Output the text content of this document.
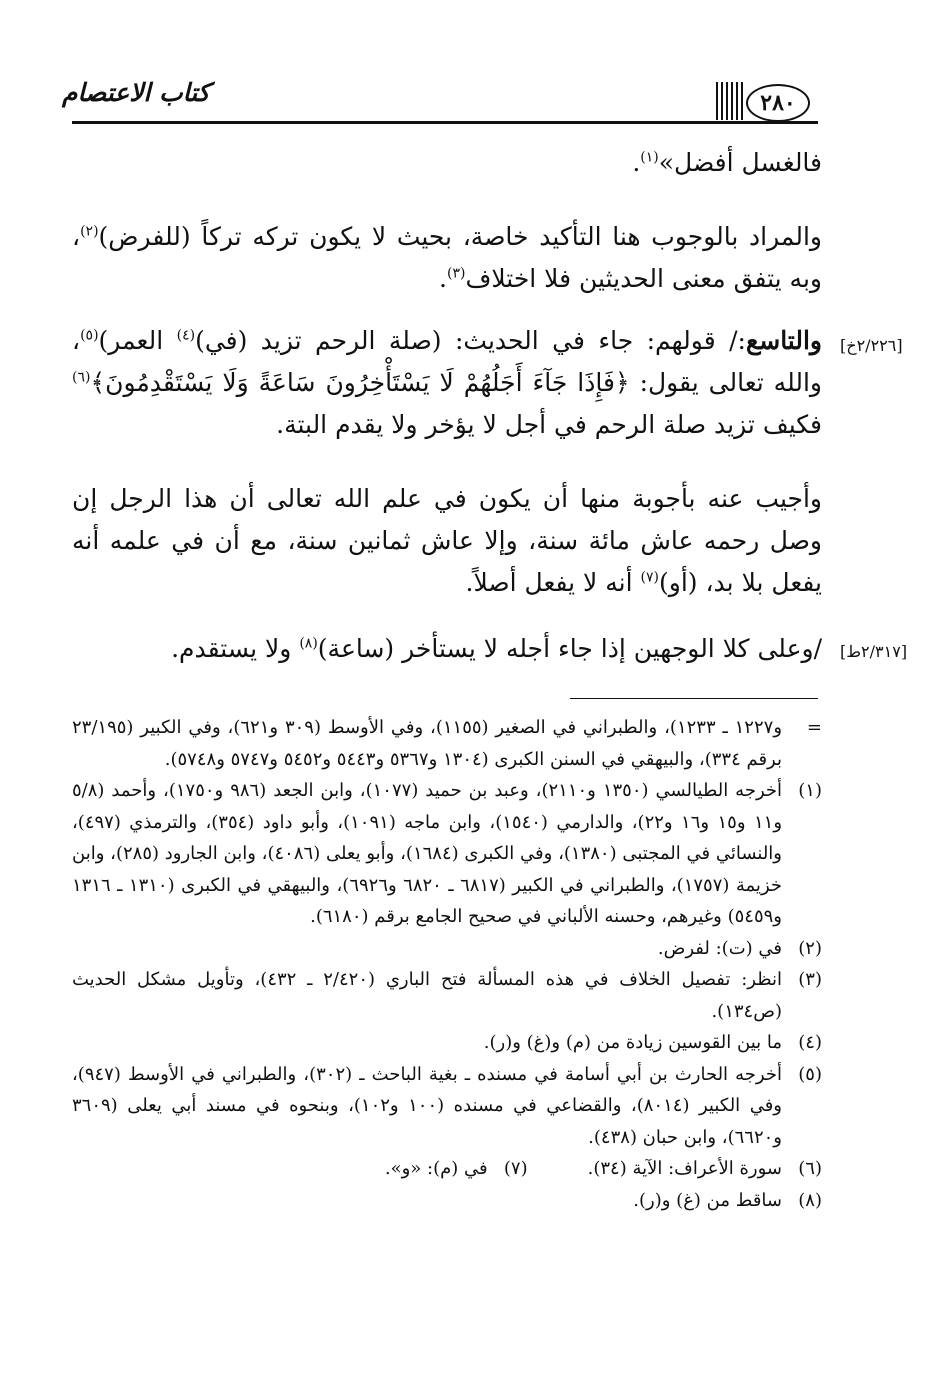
كتاب الاعتصام	٢٨٠
فالغسل أفضل»$^{(١)}$.
والمراد بالوجوب هنا التأكيد خاصة، بحيث لا يكون تركه تركاً (للفرض)$^{(٢)}$، وبه يتفق معنى الحديثين فلا اختلاف$^{(٣)}$.
والتاسع:/ قولهم: جاء في الحديث: (صلة الرحم تزيد (في)$^{(٤)}$ العمر)$^{(٥)}$، والله تعالى يقول: ﴿فَإِذَا جَآءَ أَجَلُهُمْ لَا يَسْتَأْخِرُونَ سَاعَةً وَلَا يَسْتَقْدِمُونَ﴾$^{(٦)}$ فكيف تزيد صلة الرحم في أجل لا يؤخر ولا يقدم البتة.
وأجيب عنه بأجوبة منها أن يكون في علم الله تعالى أن هذا الرجل إن وصل رحمه عاش مائة سنة، وإلا عاش ثمانين سنة، مع أن في علمه أنه يفعل بلا بد، (أو)$^{(٧)}$ أنه لا يفعل أصلاً.
/وعلى كلا الوجهين إذا جاء أجله لا يستأخر (ساعة)$^{(٨)}$ ولا يستقدم.
[٢/٢٢٦خ]
[٢/٣١٧ط]
=
و١٢٢٧ ـ ١٢٣٣)، والطبراني في الصغير (١١٥٥)، وفي الأوسط (٣٠٩ و٦٢١)، وفي الكبير (٢٣/١٩٥ برقم ٣٣٤)، والبيهقي في السنن الكبرى (١٣٠٤ و٥٣٦٧ و٥٤٤٣ و٥٤٥٢ و٥٧٤٧ و٥٧٤٨).
(١)
أخرجه الطيالسي (١٣٥٠ و٢١١٠)، وعبد بن حميد (١٠٧٧)، وابن الجعد (٩٨٦ و١٧٥٠)، وأحمد (٥/٨ و١١ و١٥ و١٦ و٢٢)، والدارمي (١٥٤٠)، وابن ماجه (١٠٩١)، وأبو داود (٣٥٤)، والترمذي (٤٩٧)، والنسائي في المجتبى (١٣٨٠)، وفي الكبرى (١٦٨٤)، وأبو يعلى (٤٠٨٦)، وابن الجارود (٢٨٥)، وابن خزيمة (١٧٥٧)، والطبراني في الكبير (٦٨١٧ ـ ٦٨٢٠ و٦٩٢٦)، والبيهقي في الكبرى (١٣١٠ ـ ١٣١٦ و٥٤٥٩) وغيرهم، وحسنه الألباني في صحيح الجامع برقم (٦١٨٠).
(٢)
في (ت): لفرض.
(٣)
انظر: تفصيل الخلاف في هذه المسألة فتح الباري (٢/٤٢٠ ـ ٤٣٢)، وتأويل مشكل الحديث (ص١٣٤).
(٤)
ما بين القوسين زيادة من (م) و(غ) و(ر).
(٥)
أخرجه الحارث بن أبي أسامة في مسنده ـ بغية الباحث ـ (٣٠٢)، والطبراني في الأوسط (٩٤٧)، وفي الكبير (٨٠١٤)، والقضاعي في مسنده (١٠٠ و١٠٢)، وبنحوه في مسند أبي يعلى (٣٦٠٩ و٦٦٢٠)، وابن حبان (٤٣٨).
(٦)
سورة الأعراف: الآية (٣٤).
(٧)
في (م): «و».
(٨)
ساقط من (غ) و(ر).
